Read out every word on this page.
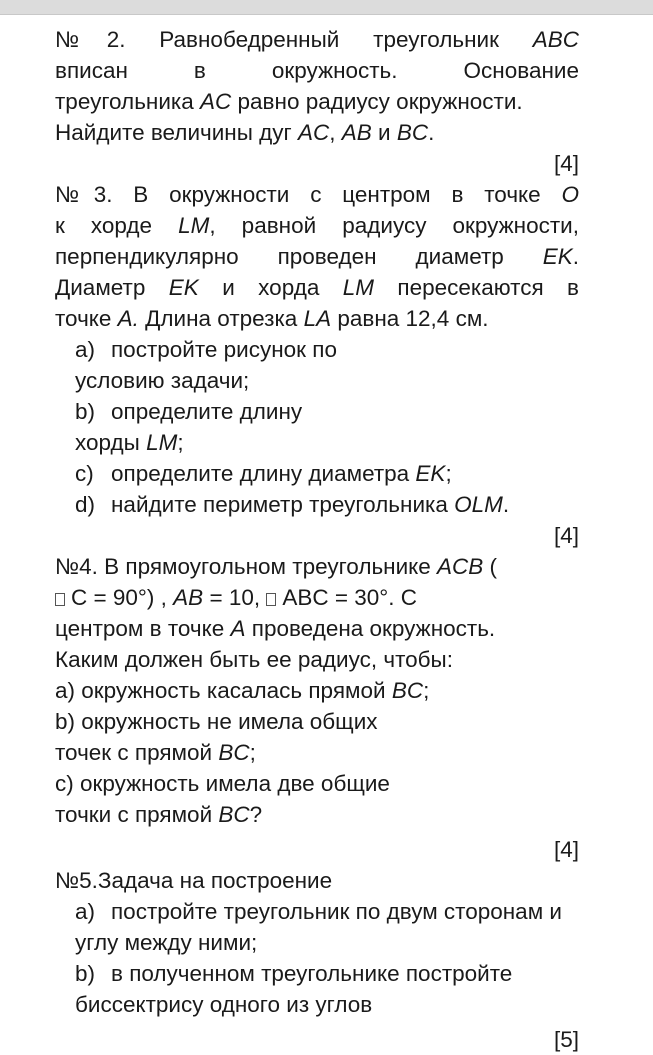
№2. Равнобедренный треугольник ABC

вписан	в	окружность.	Основание

треугольника AC равно радиусу окружности.

Найдите величины дуг AC, AB и BC.

[4]

№3. В окружности с центром в точке O

к хорде LM, равной радиусу окружности,

перпендикулярно проведен диаметр EK.

Диаметр EK и хорда LM пересекаются в

точке A. Длина отрезка LA равна 12,4 см.

a) постройте рисунок по

условию задачи;

b) определите длину

хорды LM;

c) определите длину диаметра EK;

d) найдите периметр треугольника OLM.

[4]

№4. В прямоугольном треугольнике ACB (

C = 90°) , AB = 10, ABC = 30°. С

центром в точке A проведена окружность.

Каким должен быть ее радиус, чтобы:

a) окружность касалась прямой BC;

b) окружность не имела общих

точек с прямой BC;

c) окружность имела две общие

точки с прямой BC?

[4]

№5.Задача на построение

a) постройте треугольник по двум сторонам и

углу между ними;

b) в полученном треугольнике постройте

биссектрису одного из углов

[5]
